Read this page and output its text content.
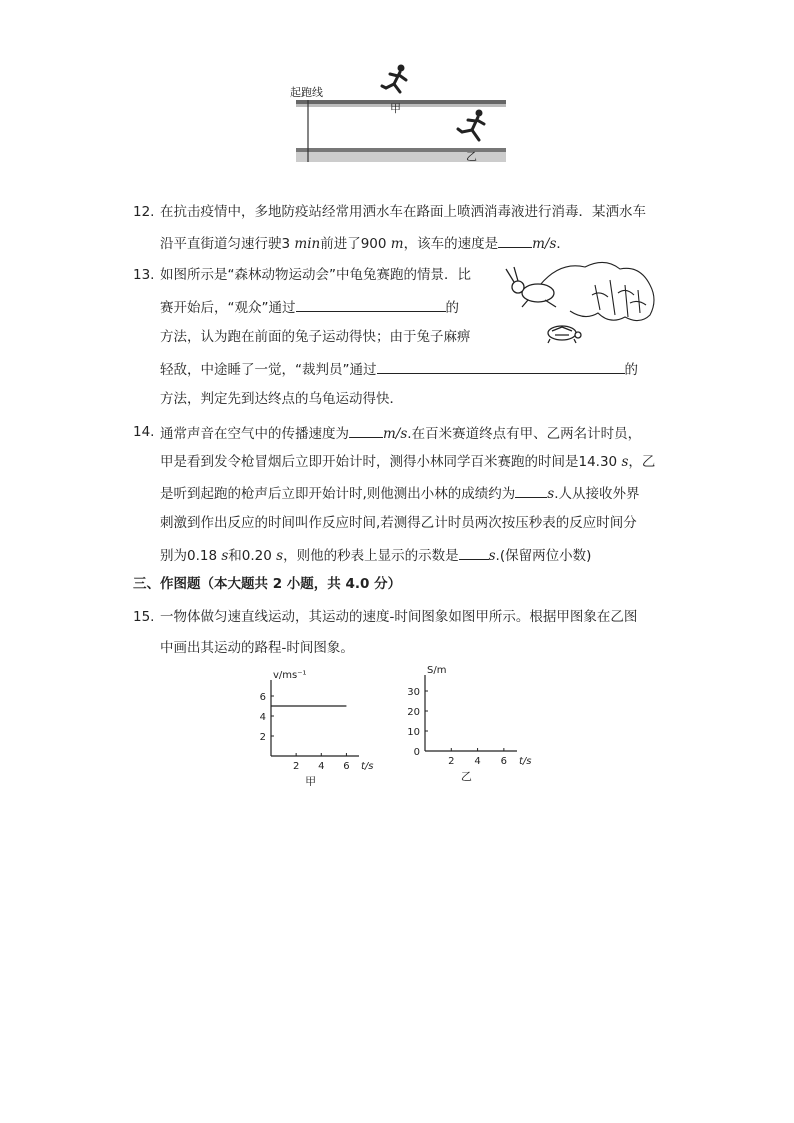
起跑线
甲
乙
12. 在抗击疫情中，多地防疫站经常用洒水车在路面上喷洒消毒液进行消毒．某洒水车
沿平直街道匀速行驶3 min前进了900 m，该车的速度是	m/s．
13. 如图所示是“森林动物运动会”中龟兔赛跑的情景．比
赛开始后，“观众”通过	的
方法，认为跑在前面的兔子运动得快；由于兔子麻痹
轻敌，中途睡了一觉，“裁判员”通过	的
方法，判定先到达终点的乌龟运动得快．
14. 通常声音在空气中的传播速度为	m/s.在百米赛道终点有甲、乙两名计时员，
甲是看到发令枪冒烟后立即开始计时，测得小林同学百米赛跑的时间是14.30 s，乙
是听到起跑的枪声后立即开始计时,则他测出小林的成绩约为 s.人从接收外界
刺激到作出反应的时间叫作反应时间,若测得乙计时员两次按压秒表的反应时间分
别为0.18 s和0.20 s，则他的秒表上显示的示数是 s.(保留两位小数)
三、作图题（本大题共 2 小题，共 4.0 分）
15. 一物体做匀速直线运动，其运动的速度-时间图象如图甲所示。根据甲图象在乙图
中画出其运动的路程-时间图象。
2 4 6
2
4
6
t/s
v/ms⁻¹
甲
2 4 6
0
10
20
30
t/s
S/m
乙
